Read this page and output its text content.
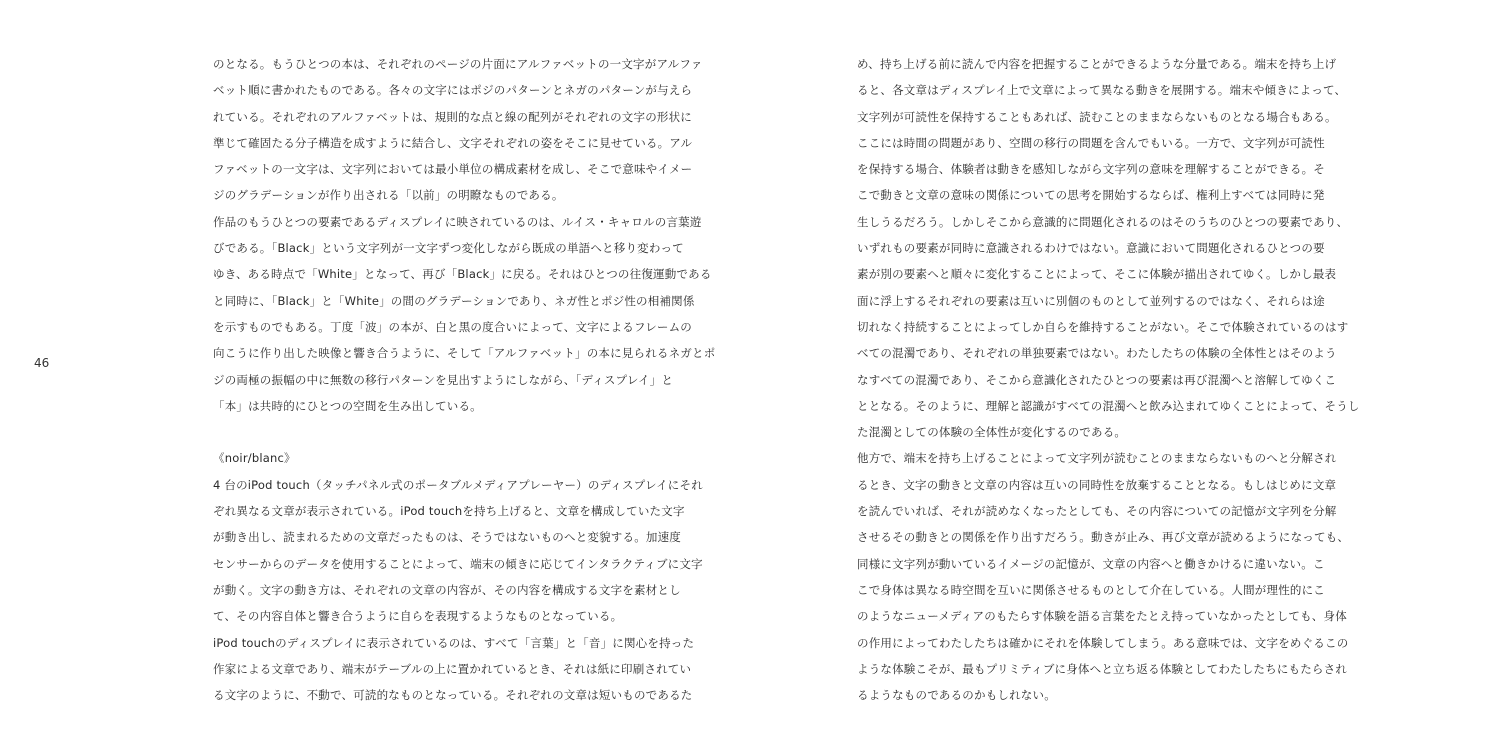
46
のとなる。もうひとつの本は、それぞれのページの片面にアルファベットの一文字がアルファ
ベット順に書かれたものである。各々の文字にはポジのパターンとネガのパターンが与えら
れている。それぞれのアルファベットは、規則的な点と線の配列がそれぞれの文字の形状に
準じて確固たる分子構造を成すように結合し、文字それぞれの姿をそこに見せている。アル
ファベットの一文字は、文字列においては最小単位の構成素材を成し、そこで意味やイメー
ジのグラデーションが作り出される「以前」の明瞭なものである。
作品のもうひとつの要素であるディスプレイに映されているのは、ルイス・キャロルの言葉遊
びである。「Black」という文字列が一文字ずつ変化しながら既成の単語へと移り変わって
ゆき、ある時点で「White」となって、再び「Black」に戻る。それはひとつの往復運動である
と同時に、「Black」と「White」の間のグラデーションであり、ネガ性とポジ性の相補関係
を示すものでもある。丁度「波」の本が、白と黒の度合いによって、文字によるフレームの
向こうに作り出した映像と響き合うように、そして「アルファベット」の本に見られるネガとポ
ジの両極の振幅の中に無数の移行パターンを見出すようにしながら、「ディスプレイ」と
「本」は共時的にひとつの空間を生み出している。
《noir/blanc》
4 台のiPod touch（タッチパネル式のポータブルメディアプレーヤー）のディスプレイにそれ
ぞれ異なる文章が表示されている。iPod touchを持ち上げると、文章を構成していた文字
が動き出し、読まれるための文章だったものは、そうではないものへと変貌する。加速度
センサーからのデータを使用することによって、端末の傾きに応じてインタラクティブに文字
が動く。文字の動き方は、それぞれの文章の内容が、その内容を構成する文字を素材とし
て、その内容自体と響き合うように自らを表現するようなものとなっている。
iPod touchのディスプレイに表示されているのは、すべて「言葉」と「音」に関心を持った
作家による文章であり、端末がテーブルの上に置かれているとき、それは紙に印刷されてい
る文字のように、不動で、可読的なものとなっている。それぞれの文章は短いものであるた
め、持ち上げる前に読んで内容を把握することができるような分量である。端末を持ち上げ
ると、各文章はディスプレイ上で文章によって異なる動きを展開する。端末や傾きによって、
文字列が可読性を保持することもあれば、読むことのままならないものとなる場合もある。
ここには時間の問題があり、空間の移行の問題を含んでもいる。一方で、文字列が可読性
を保持する場合、体験者は動きを感知しながら文字列の意味を理解することができる。そ
こで動きと文章の意味の関係についての思考を開始するならば、権利上すべては同時に発
生しうるだろう。しかしそこから意識的に問題化されるのはそのうちのひとつの要素であり、
いずれもの要素が同時に意識されるわけではない。意識において問題化されるひとつの要
素が別の要素へと順々に変化することによって、そこに体験が描出されてゆく。しかし最表
面に浮上するそれぞれの要素は互いに別個のものとして並列するのではなく、それらは途
切れなく持続することによってしか自らを維持することがない。そこで体験されているのはす
べての混濁であり、それぞれの単独要素ではない。わたしたちの体験の全体性とはそのよう
なすべての混濁であり、そこから意識化されたひとつの要素は再び混濁へと溶解してゆくこ
ととなる。そのように、理解と認識がすべての混濁へと飲み込まれてゆくことによって、そうし
た混濁としての体験の全体性が変化するのである。
他方で、端末を持ち上げることによって文字列が読むことのままならないものへと分解され
るとき、文字の動きと文章の内容は互いの同時性を放棄することとなる。もしはじめに文章
を読んでいれば、それが読めなくなったとしても、その内容についての記憶が文字列を分解
させるその動きとの関係を作り出すだろう。動きが止み、再び文章が読めるようになっても、
同様に文字列が動いているイメージの記憶が、文章の内容へと働きかけるに違いない。こ
こで身体は異なる時空間を互いに関係させるものとして介在している。人間が理性的にこ
のようなニューメディアのもたらす体験を語る言葉をたとえ持っていなかったとしても、身体
の作用によってわたしたちは確かにそれを体験してしまう。ある意味では、文字をめぐるこの
ような体験こそが、最もプリミティブに身体へと立ち返る体験としてわたしたちにもたらされ
るようなものであるのかもしれない。
